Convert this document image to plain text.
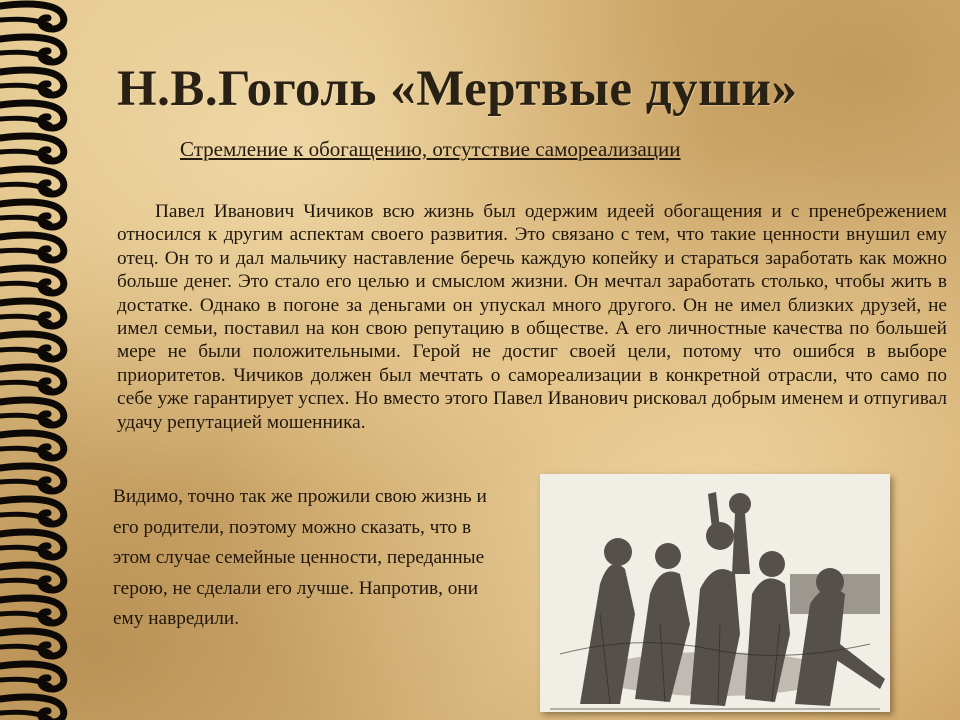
Н.В.Гоголь «Мертвые души»
Стремление к обогащению, отсутствие самореализации

Павел Иванович Чичиков всю жизнь был одержим идеей обогащения и с пренебрежением относился к другим аспектам своего развития. Это связано с тем, что такие ценности внушил ему отец. Он то и дал мальчику наставление беречь каждую копейку и стараться заработать как можно больше денег. Это стало его целью и смыслом жизни. Он мечтал заработать столько, чтобы жить в достатке. Однако в погоне за деньгами он упускал много другого. Он не имел близких друзей, не имел семьи, поставил на кон свою репутацию в обществе. А его личностные качества по большей мере не были положительными. Герой не достиг своей цели, потому что ошибся в выборе приоритетов. Чичиков должен был мечтать о самореализации в конкретной отрасли, что само по себе уже гарантирует успех. Но вместо этого Павел Иванович рисковал добрым именем и отпугивал удачу репутацией мошенника.

Видимо, точно так же прожили свою жизнь и его родители, поэтому можно сказать, что в этом случае семейные ценности, переданные герою, не сделали его лучше. Напротив, они ему навредили.
